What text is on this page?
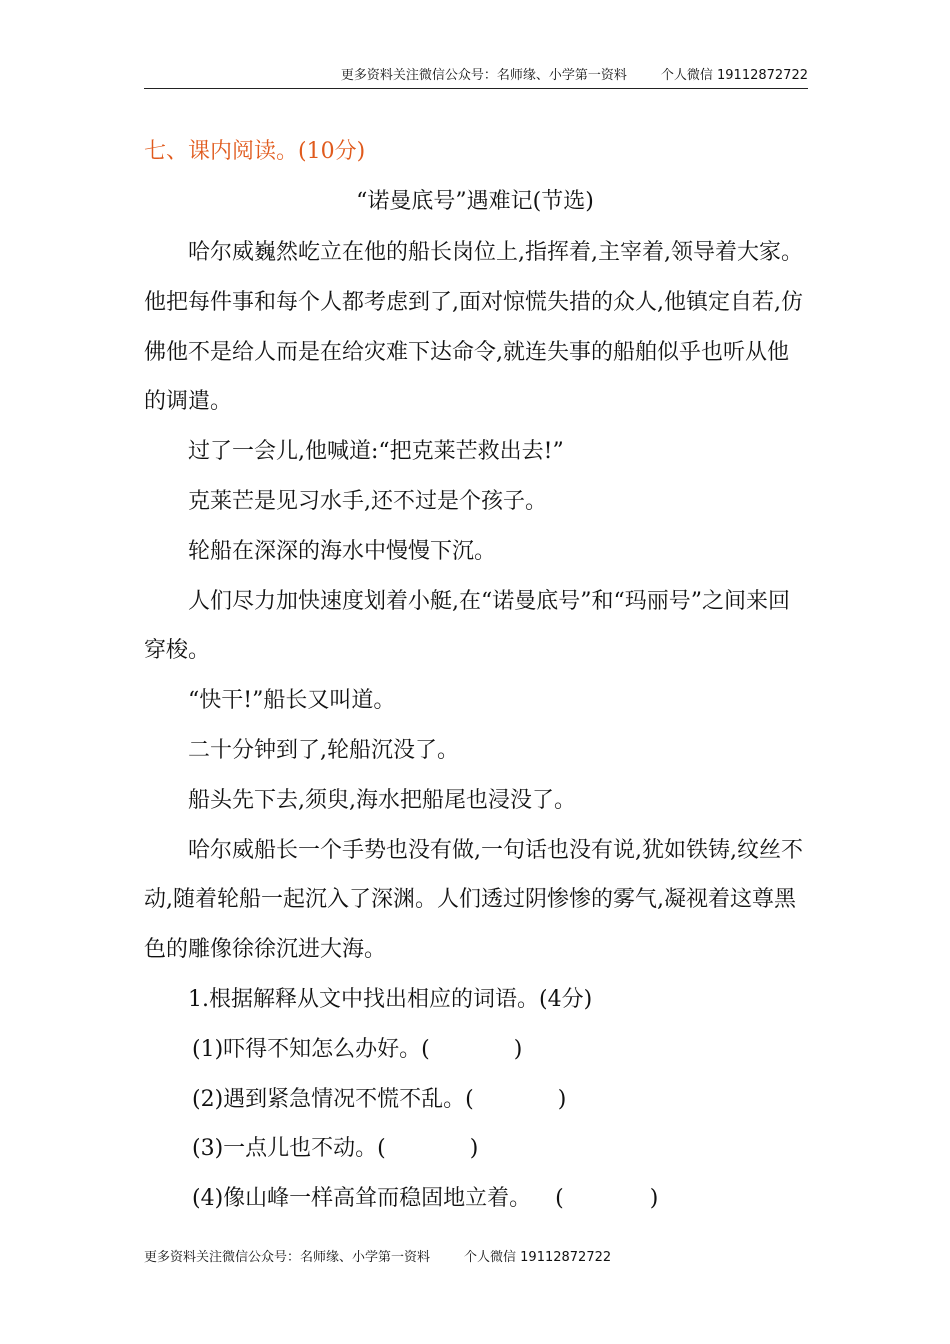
更多资料关注微信公众号：名师缘、小学第一资料	个人微信 19112872722
七、课内阅读。(10分)
“诺曼底号”遇难记(节选)

哈尔威巍然屹立在他的船长岗位上,指挥着,主宰着,领导着大家。他把每件事和每个人都考虑到了,面对惊慌失措的众人,他镇定自若,仿佛他不是给人而是在给灾难下达命令,就连失事的船舶似乎也听从他的调遣。

过了一会儿,他喊道:“把克莱芒救出去!”

克莱芒是见习水手,还不过是个孩子。

轮船在深深的海水中慢慢下沉。

人们尽力加快速度划着小艇,在“诺曼底号”和“玛丽号”之间来回穿梭。

“快干!”船长又叫道。

二十分钟到了,轮船沉没了。

船头先下去,须臾,海水把船尾也浸没了。

哈尔威船长一个手势也没有做,一句话也没有说,犹如铁铸,纹丝不动,随着轮船一起沉入了深渊。人们透过阴惨惨的雾气,凝视着这尊黑色的雕像徐徐沉进大海。

1.根据解释从文中找出相应的词语。(4分)

(1)吓得不知怎么办好。(	)

(2)遇到紧急情况不慌不乱。(	)

(3)一点儿也不动。(	)

(4)像山峰一样高耸而稳固地立着。 (	)

更多资料关注微信公众号：名师缘、小学第一资料	个人微信 19112872722
